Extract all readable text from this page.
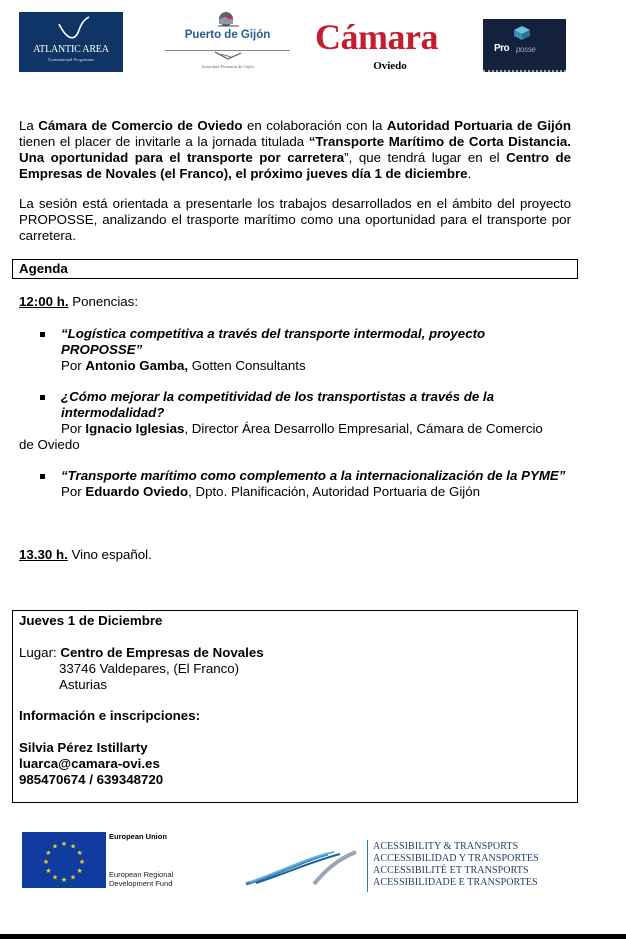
ATLANTIC AREA
Transnational Programme
Puerto de Gijón
Autoridad Portuaria de Gijón
Cámara
Oviedo
Pro posse
La Cámara de Comercio de Oviedo en colaboración con la Autoridad Portuaria de Gijón tienen el placer de invitarle a la jornada titulada “Transporte Marítimo de Corta Distancia. Una oportunidad para el transporte por carretera”, que tendrá lugar en el Centro de Empresas de Novales (el Franco), el próximo jueves día 1 de diciembre.
La sesión está orientada a presentarle los trabajos desarrollados en el ámbito del proyecto PROPOSSE, analizando el trasporte marítimo como una oportunidad para el transporte por carretera.
Agenda
12:00 h. Ponencias:
“Logística competitiva a través del transporte intermodal, proyecto PROPOSSE”
Por Antonio Gamba, Gotten Consultants
¿Cómo mejorar la competitividad de los transportistas a través de la intermodalidad?
Por Ignacio Iglesias, Director Área Desarrollo Empresarial, Cámara de Comercio de Oviedo
“Transporte marítimo como complemento a la internacionalización de la PYME”
Por Eduardo Oviedo, Dpto. Planificación, Autoridad Portuaria de Gijón
13.30 h. Vino español.
Jueves 1 de Diciembre
Lugar: Centro de Empresas de Novales
33746 Valdepares, (El Franco)
Asturias
Información e inscripciones:
Silvia Pérez Istillarty
luarca@camara-ovi.es
985470674 / 639348720
★ ★
★
★
★
★
★
★
★
★
★
★
European Union
European Regional
Development Fund
ACESSIBILITY & TRANSPORTS
ACCESSIBILIDAD Y TRANSPORTES
ACCESSIBILITÉ ET TRANSPORTS
ACESSIBILIDADE E TRANSPORTES
